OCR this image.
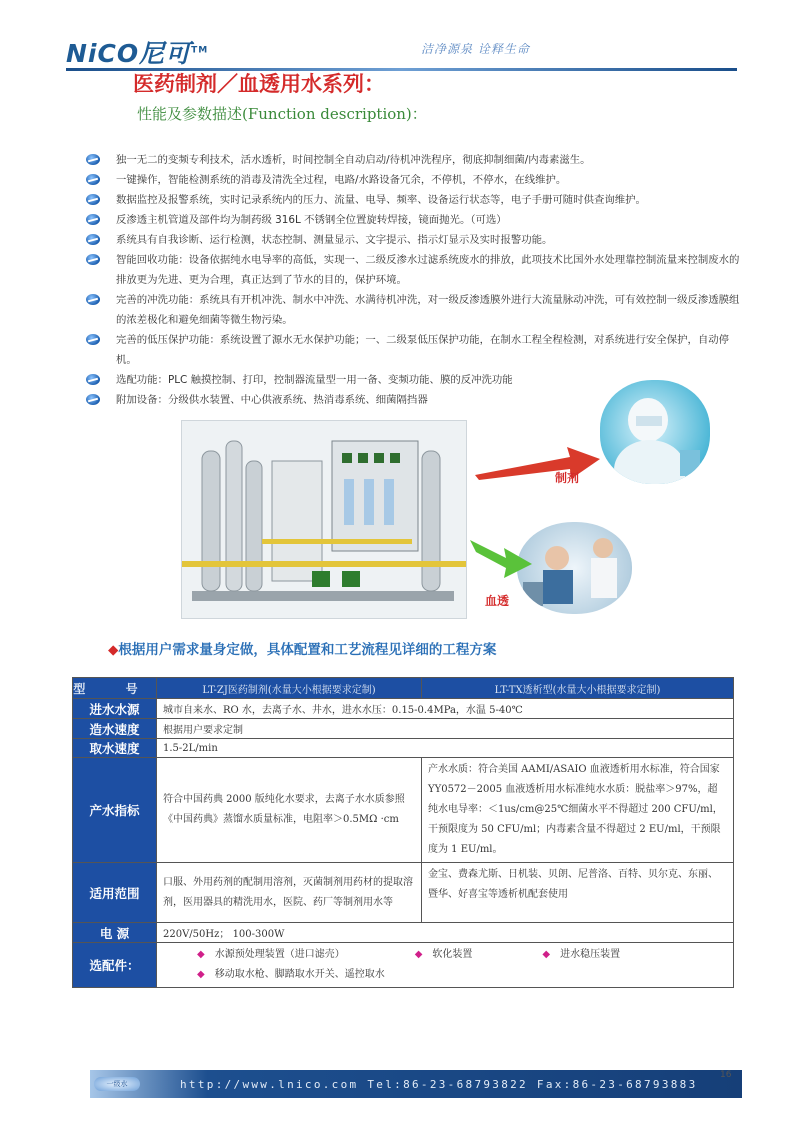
NiCO尼可™	洁净源泉 诠释生命
医药制剂／血透用水系列：
性能及参数描述(Function description)：
独一无二的变频专利技术，活水透析，时间控制全自动启动/待机冲洗程序，彻底抑制细菌/内毒素滋生。
一键操作，智能检测系统的消毒及清洗全过程，电路/水路设备冗余，不停机，不停水，在线维护。
数据监控及报警系统，实时记录系统内的压力、流量、电导、频率、设备运行状态等，电子手册可随时供查询维护。
反渗透主机管道及部件均为制药级 316L 不锈钢全位置旋转焊接，镜面抛光。（可选）
系统具有自我诊断、运行检测，状态控制、测量显示、文字提示、指示灯显示及实时报警功能。
智能回收功能：设备依据纯水电导率的高低，实现一、二级反渗水过滤系统废水的排放，此项技术比国外水处理靠控制流量来控制废水的排放更为先进、更为合理，真正达到了节水的目的，保护环境。
完善的冲洗功能：系统具有开机冲洗、制水中冲洗、水满待机冲洗，对一级反渗透膜外进行大流量脉动冲洗，可有效控制一级反渗透膜组的浓差极化和避免细菌等微生物污染。
完善的低压保护功能：系统设置了源水无水保护功能；一、二级泵低压保护功能，在制水工程全程检测，对系统进行安全保护，自动停机。
选配功能：PLC 触摸控制、打印，控制器流量型一用一备、变频功能、膜的反冲洗功能
附加设备：分级供水装置、中心供液系统、热消毒系统、细菌隔挡器
制剂
血透
◆根据用户需求量身定做，具体配置和工艺流程见详细的工程方案
型 号	LT-ZJ医药制剂(水量大小根据要求定制)	LT-TX透析型(水量大小根据要求定制)
进水水源	城市自来水、RO 水，去离子水、井水，进水水压：0.15-0.4MPa，水温 5-40℃	
造水速度	根据用户要求定制	
取水速度	1.5-2L/min	
产水指标	符合中国药典 2000 版纯化水要求，去离子水水质参照《中国药典》蒸馏水质量标准，电阻率＞0.5MΩ ·cm	产水水质：符合美国 AAMI/ASAIO 血液透析用水标准，符合国家 YY0572－2005 血液透析用水标准纯水水质：脱盐率＞97%，超纯水电导率：＜1us/cm@25℃细菌水平不得超过 200 CFU/ml，干预限度为 50 CFU/ml；内毒素含量不得超过 2 EU/ml，干预限度为 1 EU/ml。
适用范围	口服、外用药剂的配制用溶剂，灭菌制剂用药材的提取溶剂，医用器具的精洗用水，医院、药厂等制剂用水等	金宝、费森尤斯、日机装、贝朗、尼普洛、百特、贝尔克、东丽、暨华、好喜宝等透析机配套使用
电 源	220V/50Hz； 100-300W	
选配件：	◆ 水源预处理装置（进口滤壳） ◆ 软化装置 ◆ 进水稳压装置
◆ 移动取水枪、脚踏取水开关、遥控取水	
一级水	http://www.lnico.com Tel:86-23-68793822 Fax:86-23-68793883
16
